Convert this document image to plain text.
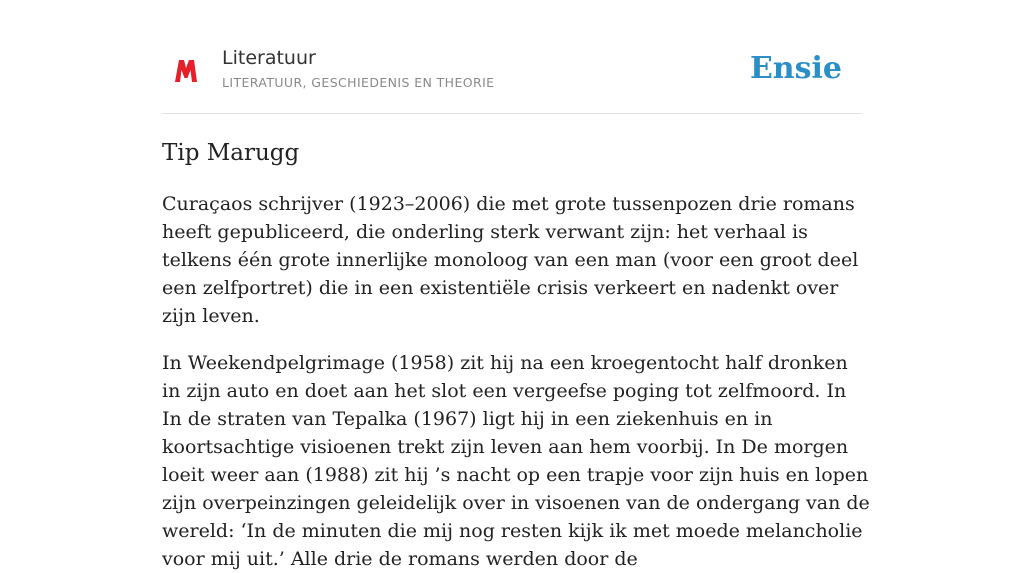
Literatuur
LITERATUUR, GESCHIEDENIS EN THEORIE	Ensie
Tip Marugg

Curaçaos schrijver (1923–2006) die met grote tussenpozen drie romans heeft gepubliceerd, die onderling sterk verwant zijn: het verhaal is telkens één grote innerlijke monoloog van een man (voor een groot deel een zelfportret) die in een existentiële crisis verkeert en nadenkt over zijn leven.

In Weekendpelgrimage (1958) zit hij na een kroegentocht half dronken in zijn auto en doet aan het slot een vergeefse poging tot zelfmoord. In In de straten van Tepalka (1967) ligt hij in een ziekenhuis en in koortsachtige visioenen trekt zijn leven aan hem voorbij. In De morgen loeit weer aan (1988) zit hij ’s nacht op een trapje voor zijn huis en lopen zijn overpeinzingen geleidelijk over in visoenen van de ondergang van de wereld: ‘In de minuten die mij nog resten kijk ik met moede melancholie voor mij uit.’ Alle drie de romans werden door de
